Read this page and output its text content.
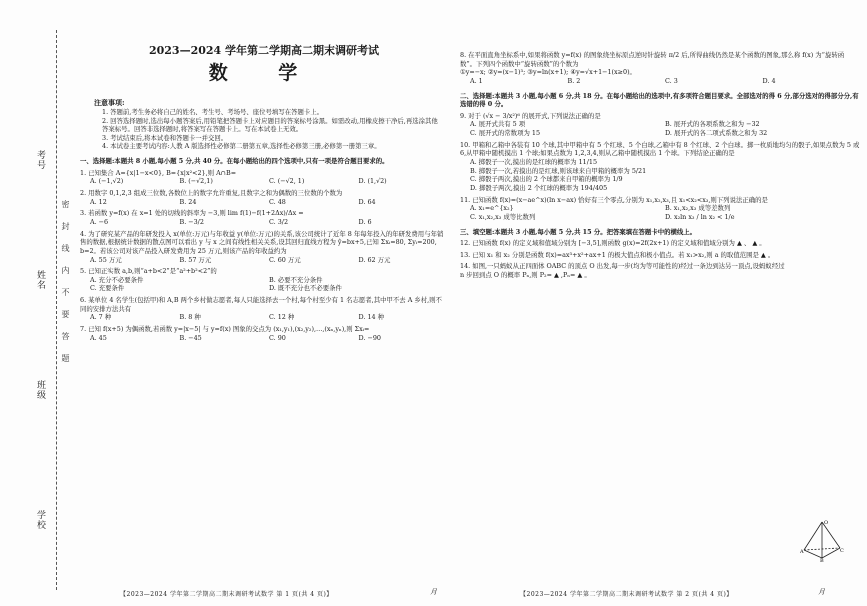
考号
姓名
班级
学校
密封线内不要答题
2023—2024 学年第二学期高二期末调研考试
数 学
注意事项:
1. 答题前,考生务必将自己的姓名、考生号、考场号、座位号填写在答题卡上。
2. 回答选择题时,选出每小题答案后,用铅笔把答题卡上对应题目的答案标号涂黑。如需改动,用橡皮擦干净后,再选涂其他答案标号。回答非选择题时,将答案写在答题卡上。写在本试卷上无效。
3. 考试结束后,将本试卷和答题卡一并交回。
4. 本试卷主要考试内容:人教 A 版选择性必修第二册第五章,选择性必修第三册,必修第一册第三章。
一、选择题:本题共 8 小题,每小题 5 分,共 40 分。在每小题给出的四个选项中,只有一项是符合题目要求的。
1. 已知集合 A={x|1−x<0}, B={x|x²<2},则 A∩B=
A. (−1,√2)	B. (−√2,1)	C. (−√2, 1)	D. (1,√2)
2. 用数字 0,1,2,3 组成三位数,各数位上的数字允许重复,且数字之和为偶数的三位数的个数为
A. 12	B. 24	C. 48	D. 64
3. 若函数 y=f(x) 在 x=1 处的切线的斜率为 −3,则 lim f(1)−f(1+2Δx)/Δx =
A. −6	B. −3/2	C. 3/2	D. 6
4. 为了研究某产品的年研发投入 x(单位:万元)与年收益 y(单位:万元)的关系,该公司统计了近年 8 年每年投入的年研发费用与年销售的数据,根据统计数据的散点图可以看出 y 与 x 之间有线性相关关系,设其回归直线方程为 ŷ=bx+5,已知 Σxᵢ=80, Σyᵢ=200, b=2。若该公司对该产品投入研发费用为 25 万元,则该产品的年收益约为
A. 55 万元	B. 57 万元	C. 60 万元	D. 62 万元
5. 已知正实数 a,b,则“a+b<2”是“a²+b²<2”的
A. 充分不必要条件	B. 必要不充分条件
C. 充要条件	D. 既不充分也不必要条件
6. 某单位 4 名学生(包括甲)和 A,B 两个乡村做志愿者,每人只能选择去一个村,每个村至少有 1 名志愿者,其中甲不去 A 乡村,则不同的安排方法共有
A. 7 种	B. 8 种	C. 12 种	D. 14 种
7. 已知 f(x+5) 为偶函数,若函数 y=|x−5| 与 y=f(x) 图象的交点为 (x₁,y₁),(x₂,y₂),…,(xₙ,yₙ),则 Σxᵢ=
A. 45	B. −45	C. 90	D. −90
8. 在平面直角坐标系中,如果将函数 y=f(x) 的图象绕坐标原点逆时针旋转 π/2 后,所得曲线仍然是某个函数的图象,那么称 f(x) 为“旋转函数”。下列四个函数中“旋转函数”的个数为
①y=−x; ②y=(x−1)³; ③y=ln(x+1); ④y=√x+1−1(x≥0)。
A. 1	B. 2	C. 3	D. 4
二、选择题:本题共 3 小题,每小题 6 分,共 18 分。在每小题给出的选项中,有多项符合题目要求。全部选对的得 6 分,部分选对的得部分分,有选错的得 0 分。
9. 对于 (√x − 3/x²)⁶ 的展开式,下列说法正确的是
A. 展开式共有 5 项	B. 展开式的各项系数之和为 −32
C. 展开式的常数项为 15	D. 展开式的各二项式系数之和为 32
10. 甲箱和乙箱中各装有 10 个球,其中甲箱中有 5 个红球、5 个白球,乙箱中有 8 个红球、2 个白球。掷一枚质地均匀的骰子,如果点数为 5 或 6,从甲箱中随机摸出 1 个球;如果点数为 1,2,3,4,则从乙箱中随机摸出 1 个球。下列结论正确的是
A. 掷骰子一次,摸出的是红球的概率为 11/15
B. 掷骰子一次,若摸出的是红球,则该球来自甲箱的概率为 5/21
C. 掷骰子两次,摸出的 2 个球都来自甲箱的概率为 1/9
D. 掷骰子两次,摸出 2 个红球的概率为 194/405
11. 已知函数 f(x)=(x−ae^x)(ln x−ax) 恰好有三个零点,分别为 x₁,x₂,x₃,且 x₁<x₂<x₃,则下列说法正确的是
A. x₁=e^{x₂}	B. x₁,x₂,x₃ 成等差数列
C. x₁,x₂,x₃ 成等比数列	D. x₂ln x₃ / ln x₂ < 1/e
三、填空题:本题共 3 小题,每小题 5 分,共 15 分。把答案填在答题卡中的横线上。
12. 已知函数 f(x) 的定义域和值域分别为 [−3,5],则函数 g(x)=2f(2x+1) 的定义域和值域分别为 ▲ 、 ▲ 。
13. 已知 x₁ 和 x₂ 分别是函数 f(x)=ax³+x²+ax+1 的极大值点和极小值点。若 x₁>x₂,则 a 的取值范围是 ▲ 。
14. 如图,一只蚂蚁从正四面体 OABC 的顶点 O 出发,每一步(均为等可能性的)经过一条边到达另一顶点,设蚂蚁经过 n 步回到点 O 的概率 Pₙ,则 P₂= ▲ ,Pₙ= ▲ 。
O
A	C
B
【2023—2024 学年第二学期高二期末调研考试数学 第 1 页(共 4 页)】	【2023—2024 学年第二学期高二期末调研考试数学 第 2 页(共 4 页)】
月	月
